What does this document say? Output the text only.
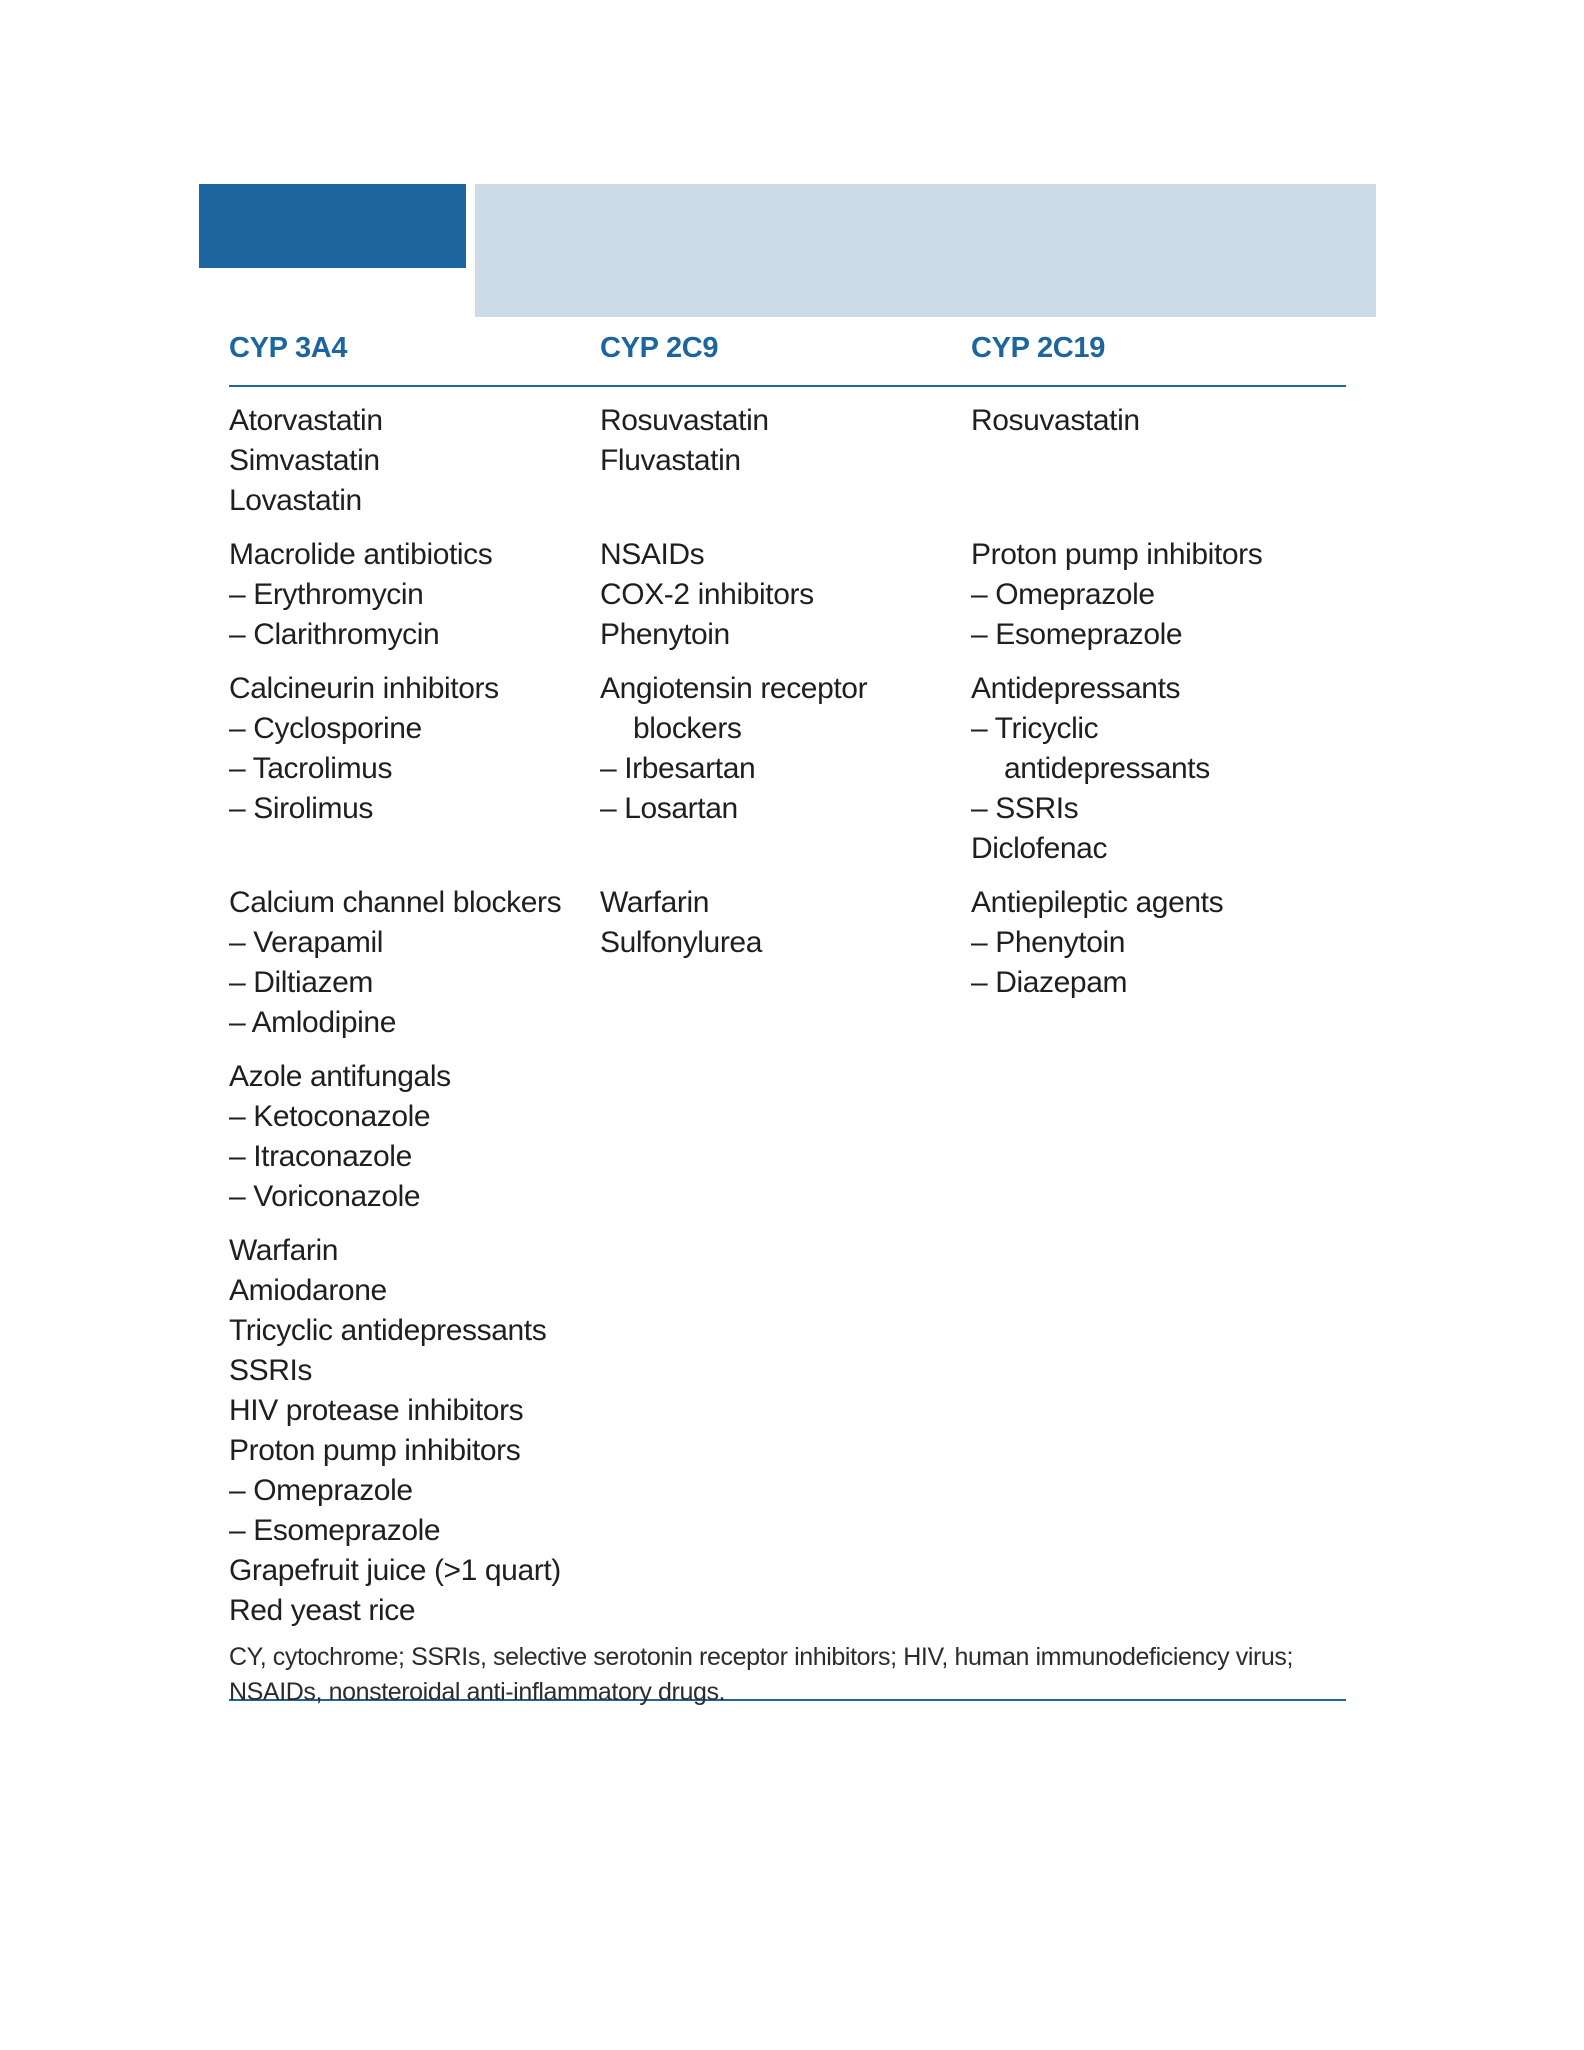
CYP 3A4	CYP 2C9	CYP 2C19
Atorvastatin
Simvastatin
Lovastatin
Macrolide antibiotics
– Erythromycin
– Clarithromycin
Calcineurin inhibitors
– Cyclosporine
– Tacrolimus
– Sirolimus
Calcium channel blockers
– Verapamil
– Diltiazem
– Amlodipine
Azole antifungals
– Ketoconazole
– Itraconazole
– Voriconazole
Warfarin
Amiodarone
Tricyclic antidepressants
SSRIs
HIV protease inhibitors
Proton pump inhibitors
– Omeprazole
– Esomeprazole
Grapefruit juice (>1 quart)
Red yeast rice
Rosuvastatin
Fluvastatin
NSAIDs
COX-2 inhibitors
Phenytoin
Angiotensin receptor
blockers
– Irbesartan
– Losartan
Warfarin
Sulfonylurea
Rosuvastatin
Proton pump inhibitors
– Omeprazole
– Esomeprazole
Antidepressants
– Tricyclic
antidepressants
– SSRIs
Diclofenac
Antiepileptic agents
– Phenytoin
– Diazepam
CY, cytochrome; SSRIs, selective serotonin receptor inhibitors; HIV, human immunodeficiency virus;
NSAIDs, nonsteroidal anti-inflammatory drugs.
